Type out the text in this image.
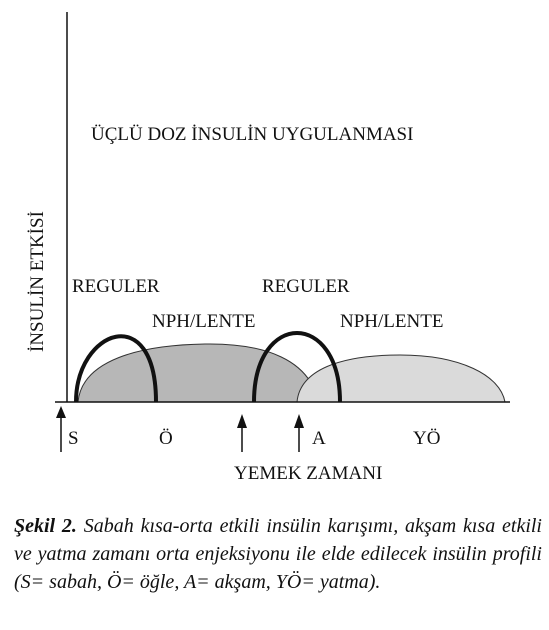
ÜÇLÜ DOZ İNSULİN UYGULANMASI
İNSULİN ETKİSİ REGULER
NPH/LENTE
REGULER
NPH/LENTE
S	Ö	A	YÖ
YEMEK ZAMANI

Şekil 2. Sabah kısa-orta etkili insülin karışımı, akşam kısa etkili ve yatma zamanı orta enjeksiyonu ile elde edilecek insülin profili (S= sabah, Ö= öğle, A= akşam, YÖ= yatma).
